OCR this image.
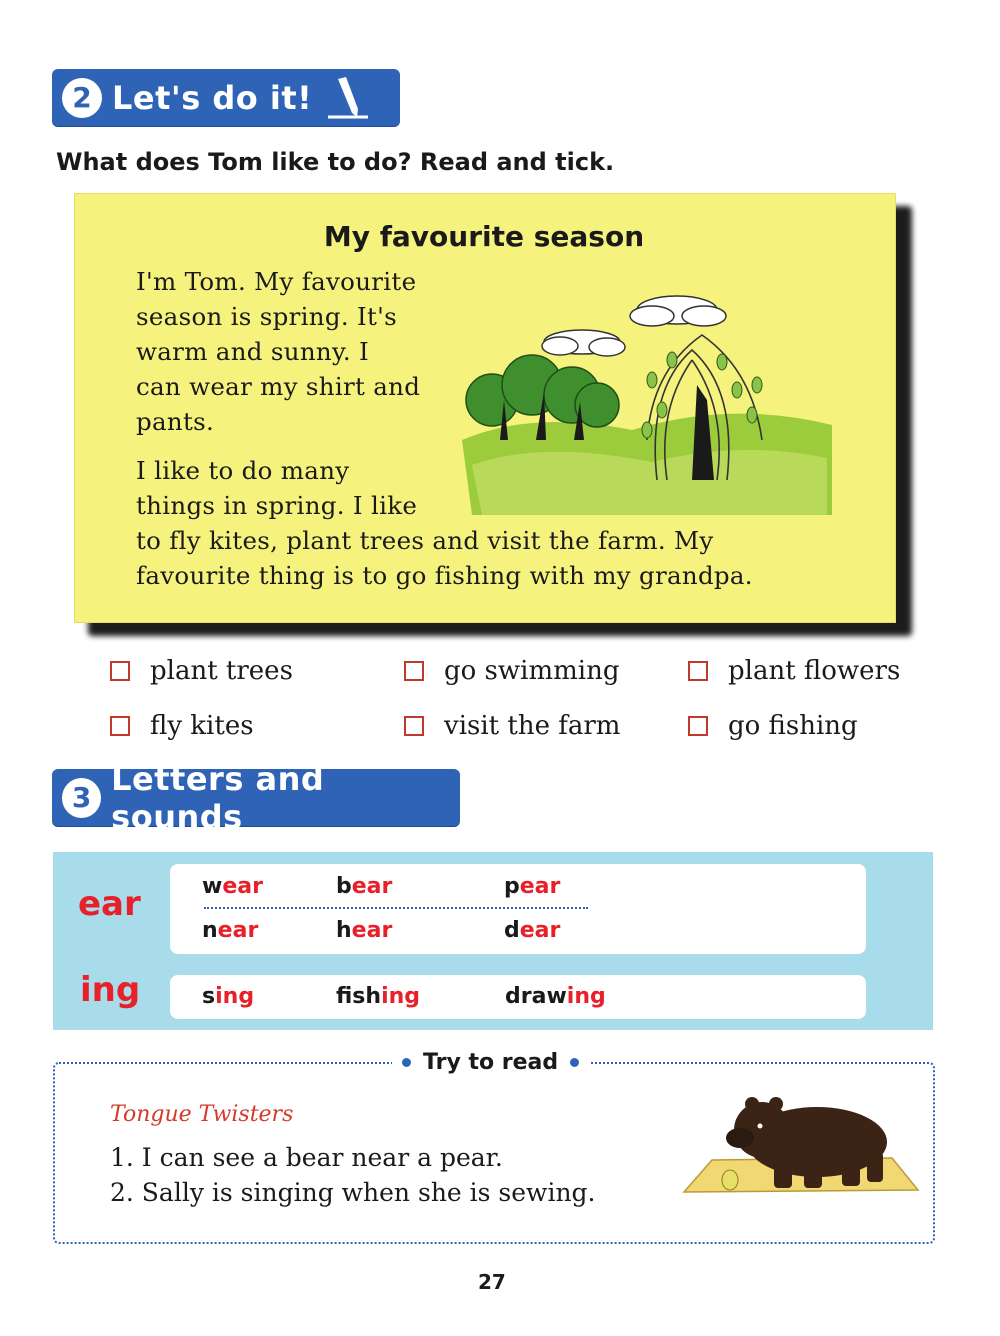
2 Let's do it!
What does Tom like to do? Read and tick.
My favourite season
I'm Tom. My favourite
season is spring. It's
warm and sunny. I
can wear my shirt and
pants.
I like to do many
things in spring. I like
to fly kites, plant trees and visit the farm. My
favourite thing is to go fishing with my grandpa.
plant trees	go swimming	plant flowers
fly kites	visit the farm	go fishing
3 Letters and sounds
ear
ing
wear	bear	pear
near	hear	dear
sing	fishing	drawing
Try to read
Tongue Twisters
1. I can see a bear near a pear.
2. Sally is singing when she is sewing.
27
